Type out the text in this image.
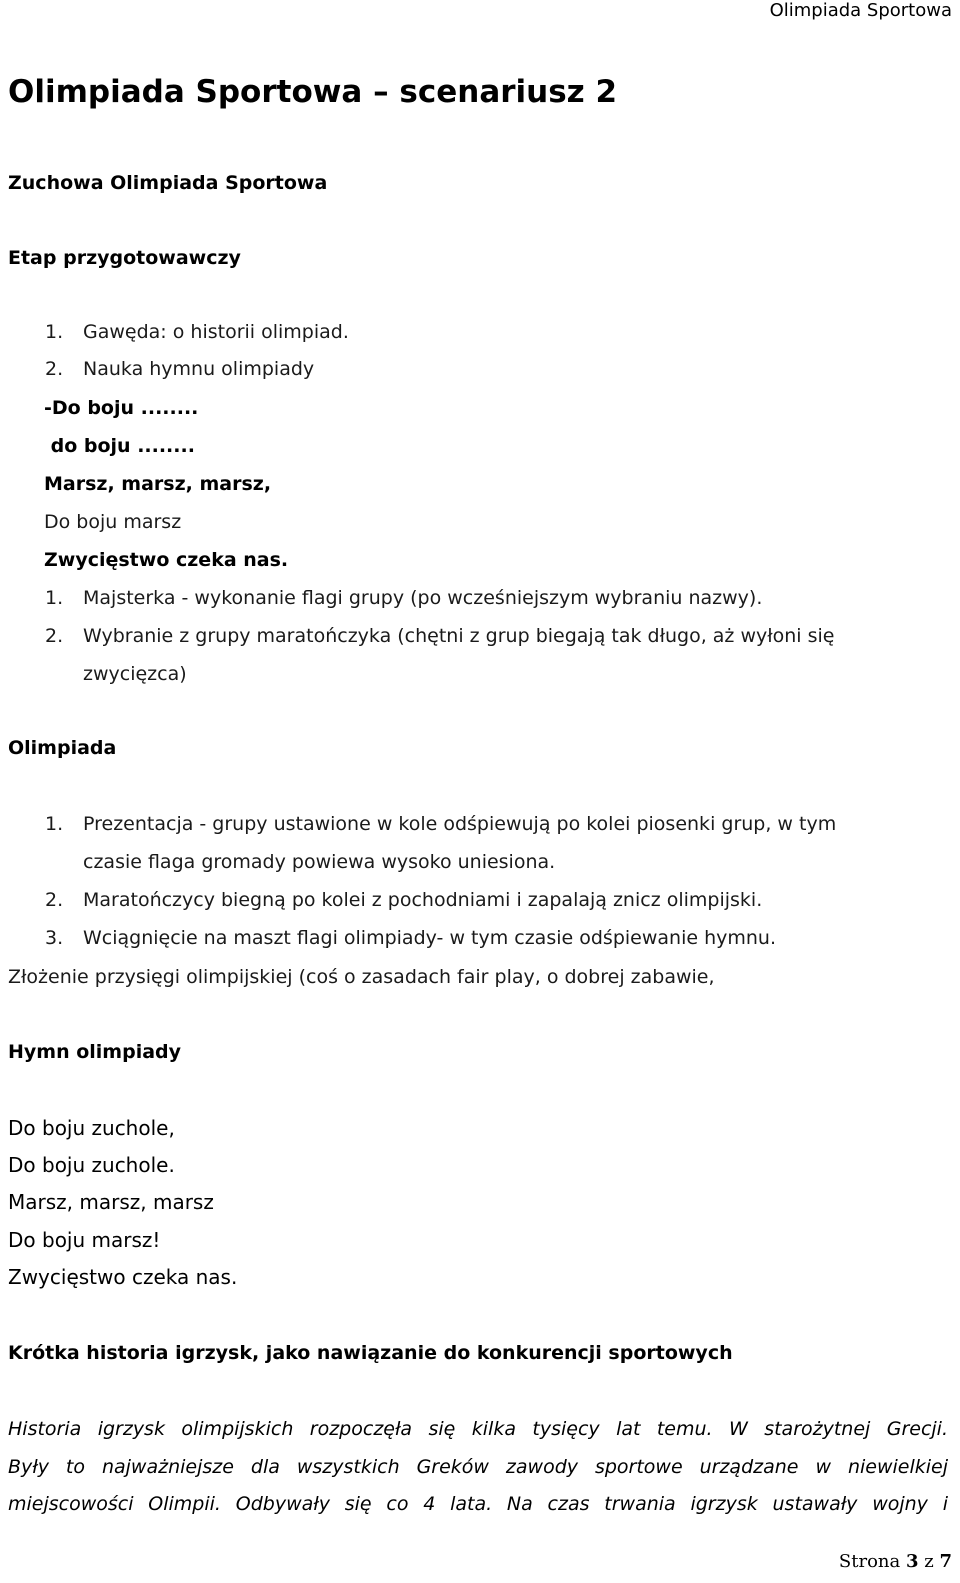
Olimpiada Sportowa
Olimpiada Sportowa – scenariusz 2
Zuchowa Olimpiada Sportowa
Etap przygotowawczy
1. Gawęda: o historii olimpiad.
2. Nauka hymnu olimpiady
-Do boju ........
do boju ........
Marsz, marsz, marsz,
Do boju marsz
Zwycięstwo czeka nas.
1. Majsterka - wykonanie flagi grupy (po wcześniejszym wybraniu nazwy).
2. Wybranie z grupy maratończyka (chętni z grup biegają tak długo, aż wyłoni się
zwycięzca)
Olimpiada
1. Prezentacja - grupy ustawione w kole odśpiewują po kolei piosenki grup, w tym
czasie flaga gromady powiewa wysoko uniesiona.
2. Maratończycy biegną po kolei z pochodniami i zapalają znicz olimpijski.
3. Wciągnięcie na maszt flagi olimpiady- w tym czasie odśpiewanie hymnu.
Złożenie przysięgi olimpijskiej (coś o zasadach fair play, o dobrej zabawie,
Hymn olimpiady
Do boju zuchole,
Do boju zuchole.
Marsz, marsz, marsz
Do boju marsz!
Zwycięstwo czeka nas.
Krótka historia igrzysk, jako nawiązanie do konkurencji sportowych
Historia igrzysk olimpijskich rozpoczęła się kilka tysięcy lat temu. W starożytnej Grecji.
Były to najważniejsze dla wszystkich Greków zawody sportowe urządzane w niewielkiej
miejscowości Olimpii. Odbywały się co 4 lata. Na czas trwania igrzysk ustawały wojny i
Strona 3 z 7
